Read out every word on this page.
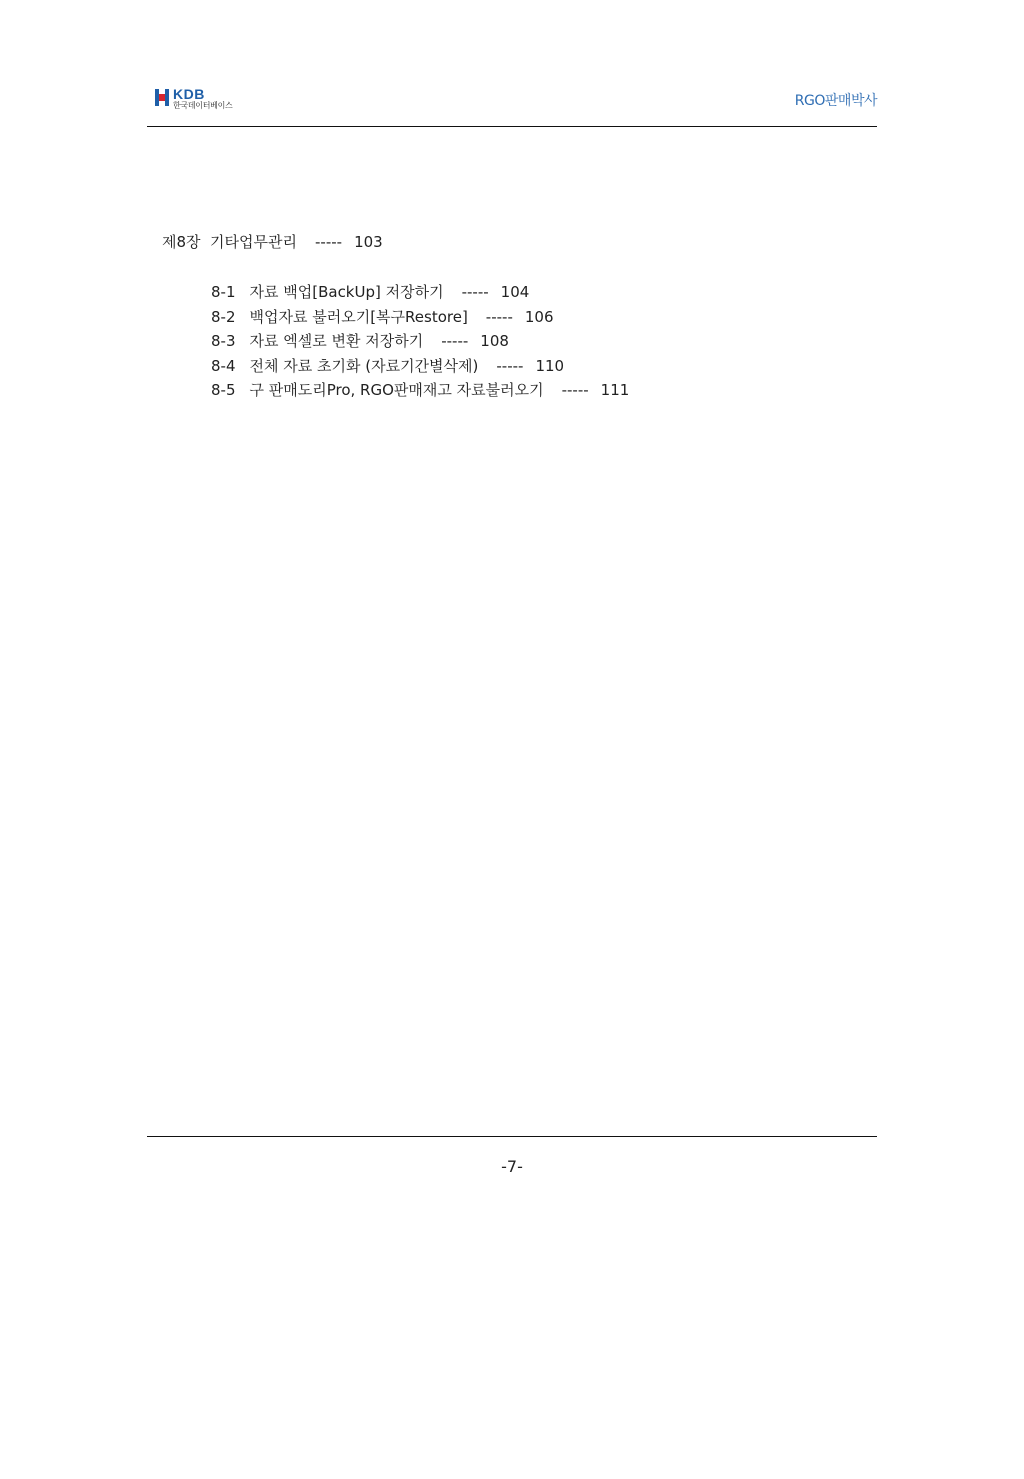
KDB
한국데이터베이스	RGO판매박사

제8장  기타업무관리 ----- 103

8-1 자료 백업[BackUp] 저장하기 ----- 104

8-2 백업자료 불러오기[복구Restore] ----- 106

8-3 자료 엑셀로 변환 저장하기 ----- 108

8-4 전체 자료 초기화 (자료기간별삭제) ----- 110

8-5 구 판매도리Pro, RGO판매재고 자료불러오기 ----- 111

-7-
